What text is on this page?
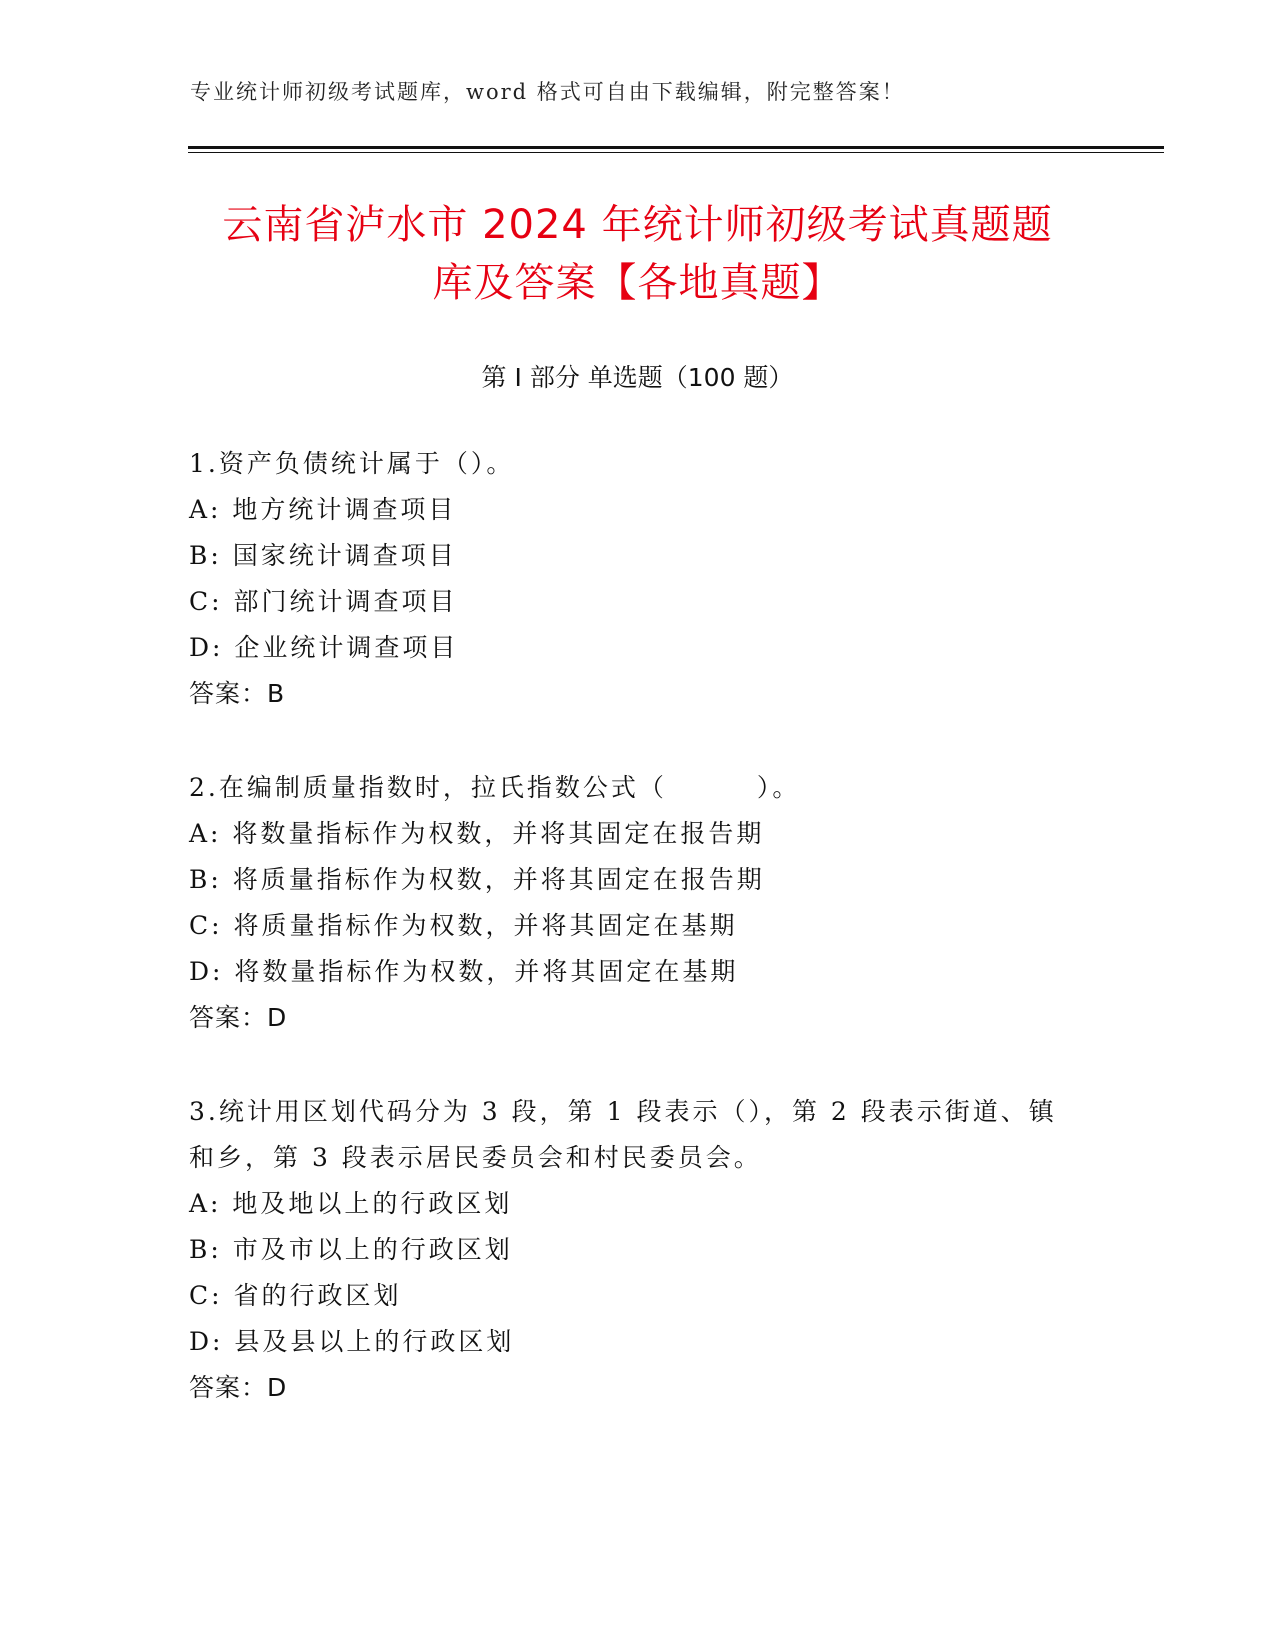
专业统计师初级考试题库，word 格式可自由下载编辑，附完整答案！
云南省泸水市 2024 年统计师初级考试真题题
库及答案【各地真题】
第 I 部分 单选题（100 题）
1.资产负债统计属于（）。
A: 地方统计调查项目
B: 国家统计调查项目
C: 部门统计调查项目
D: 企业统计调查项目
答案：B
2.在编制质量指数时，拉氏指数公式（	）。
A: 将数量指标作为权数，并将其固定在报告期
B: 将质量指标作为权数，并将其固定在报告期
C: 将质量指标作为权数，并将其固定在基期
D: 将数量指标作为权数，并将其固定在基期
答案：D
3.统计用区划代码分为 3 段，第 1 段表示（），第 2 段表示街道、镇
和乡，第 3 段表示居民委员会和村民委员会。
A: 地及地以上的行政区划
B: 市及市以上的行政区划
C: 省的行政区划
D: 县及县以上的行政区划
答案：D
